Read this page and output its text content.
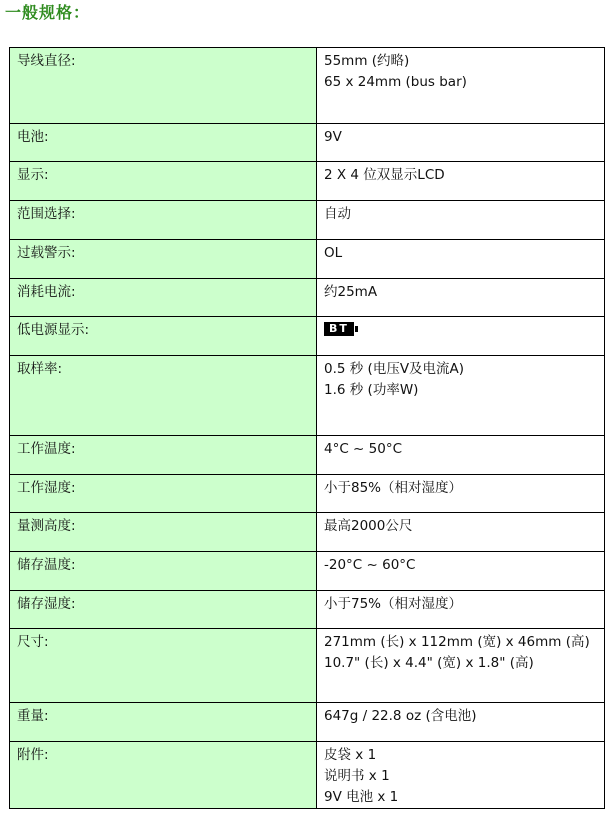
一般规格：
导线直径:	55mm (约略)
65 x 24mm (bus bar)

电池:	9V

显示:	2 X 4 位双显示LCD

范围选择:	自动

过载警示:	OL

消耗电流:	约25mA

低电源显示:	BT

取样率:	0.5 秒 (电压V及电流A)
1.6 秒 (功率W)

工作温度:	4°C ~ 50°C

工作湿度:	小于85%（相对湿度）

量测高度:	最高2000公尺

储存温度:	-20°C ~ 60°C

储存湿度:	小于75%（相对湿度）

尺寸:	271mm (长) x 112mm (宽) x 46mm (高)
10.7" (长) x 4.4" (宽) x 1.8" (高)

重量:	647g / 22.8 oz (含电池)

附件:	皮袋 x 1
说明书 x 1
9V 电池 x 1
